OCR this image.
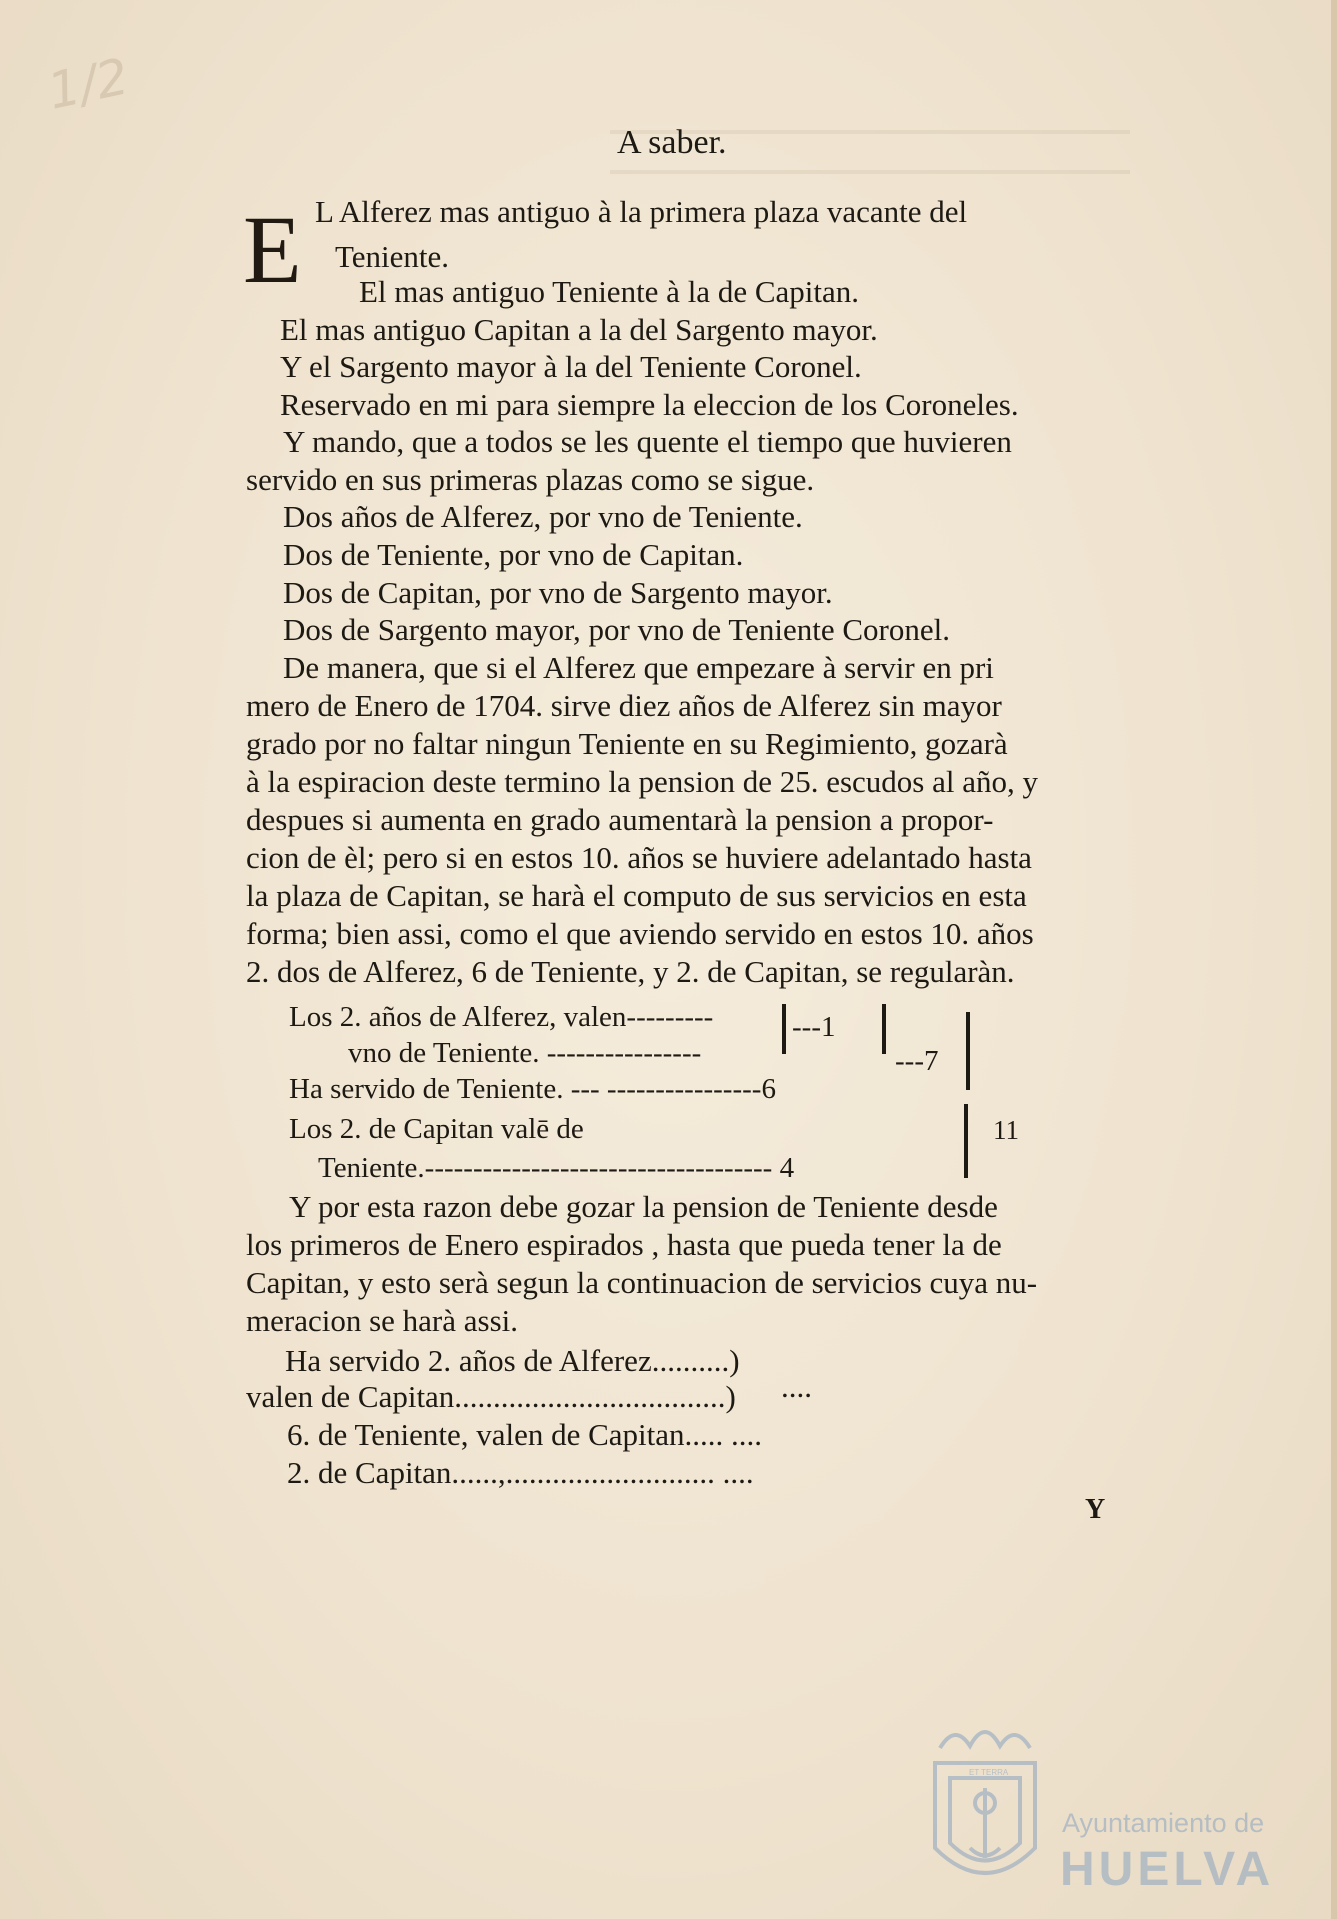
1/2
A saber.
E L Alferez mas antiguo à la primera plaza vacante del
Teniente.
El mas antiguo Teniente à la de Capitan.
El mas antiguo Capitan a la del Sargento mayor.
Y el Sargento mayor à la del Teniente Coronel.
Reservado en mi para siempre la eleccion de los Coroneles.
Y mando, que a todos se les quente el tiempo que huvieren
servido en sus primeras plazas como se sigue.
Dos años de Alferez, por vno de Teniente.
Dos de Teniente, por vno de Capitan.
Dos de Capitan, por vno de Sargento mayor.
Dos de Sargento mayor, por vno de Teniente Coronel.
De manera, que si el Alferez que empezare à servir en pri
mero de Enero de 1704. sirve diez años de Alferez sin mayor
grado por no faltar ningun Teniente en su Regimiento, gozarà
à la espiracion deste termino la pension de 25. escudos al año, y
despues si aumenta en grado aumentarà la pension a propor-
cion de èl; pero si en estos 10. años se huviere adelantado hasta
la plaza de Capitan, se harà el computo de sus servicios en esta
forma; bien assi, como el que aviendo servido en estos 10. años
2. dos de Alferez, 6 de Teniente, y 2. de Capitan, se regularàn.
Los 2. años de Alferez, valen---------	---1
vno de Teniente. ----------------	---7
Ha servido de Teniente. --- ----------------6
Los 2. de Capitan valē de	11
Teniente.------------------------------------ 4
Y por esta razon debe gozar la pension de Teniente desde
los primeros de Enero espirados , hasta que pueda tener la de
Capitan, y esto serà segun la continuacion de servicios cuya nu-
meracion se harà assi.
Ha servido 2. años de Alferez..........)
valen de Capitan...................................) ....
6. de Teniente, valen de Capitan..... ....
2. de Capitan......,........................... ....
Y
ET TERRA
Ayuntamiento de
HUELVA
